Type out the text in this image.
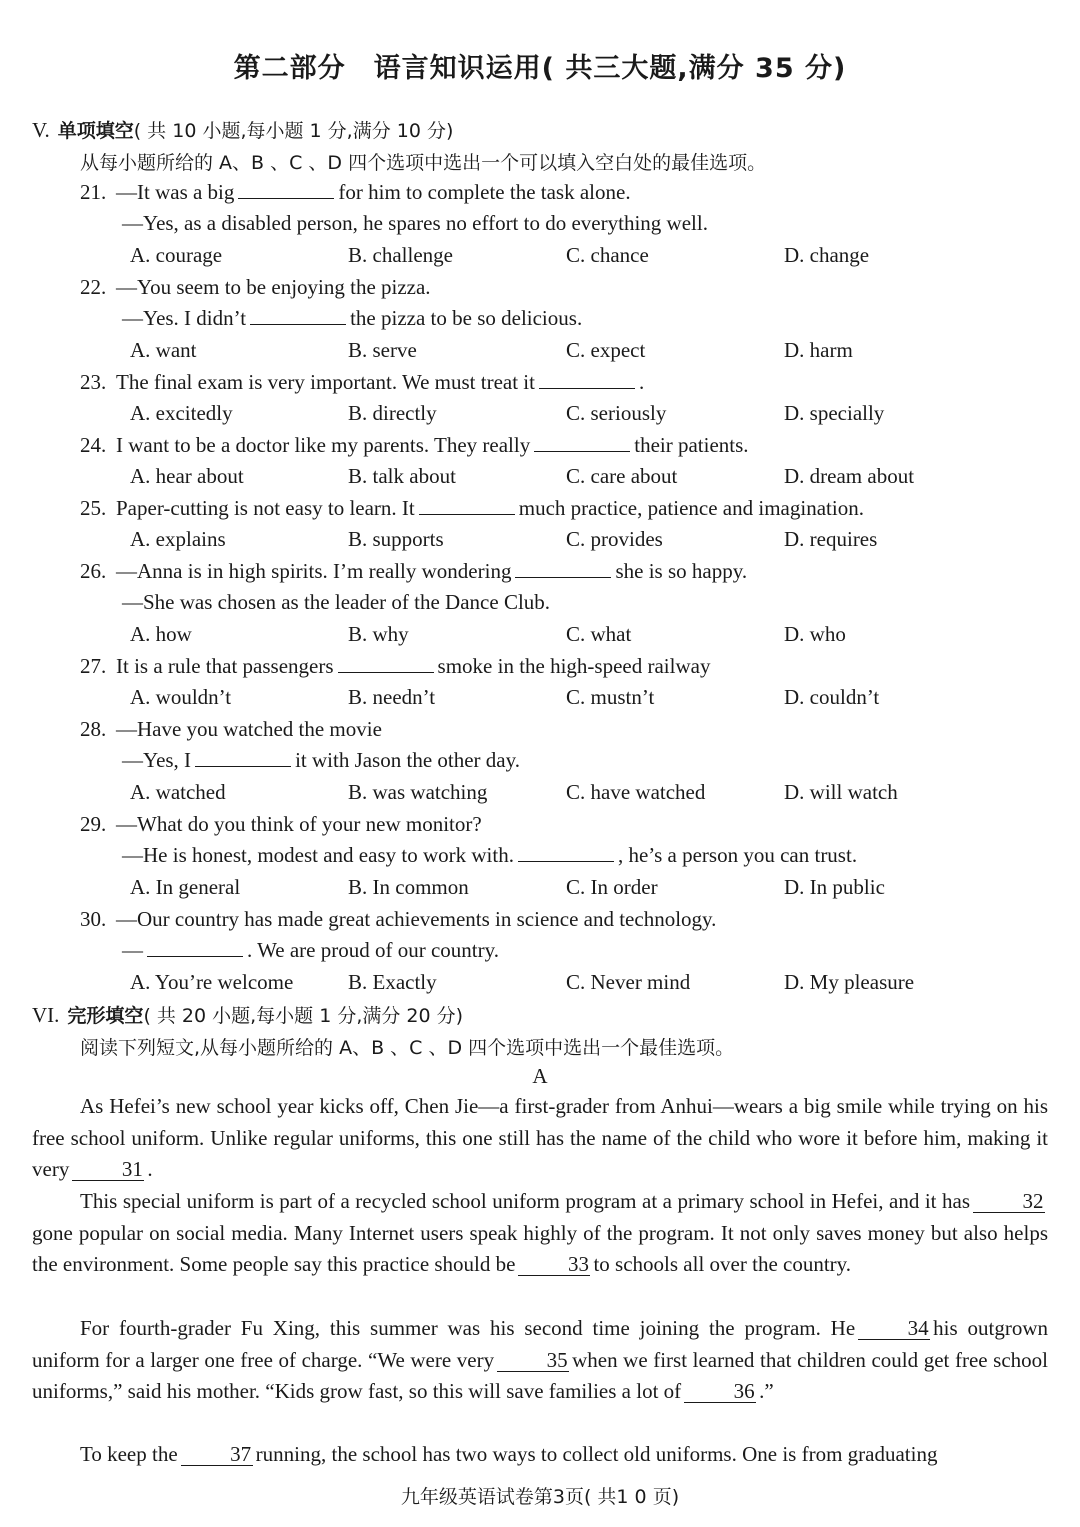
第二部分　语言知识运用( 共三大题,满分 35 分)
V. 单项填空( 共 10 小题,每小题 1 分,满分 10 分)
从每小题所给的 A、B 、C 、D 四个选项中选出一个可以填入空白处的最佳选项。
21. —It was a big	for him to complete the task alone.
—Yes, as a disabled person, he spares no effort to do everything well.
A. courage	B. challenge	C. chance	D. change
22. —You seem to be enjoying the pizza.
—Yes. I didn’t	the pizza to be so delicious.
A. want	B. serve	C. expect	D. harm
23. The final exam is very important. We must treat it	.
A. excitedly	B. directly	C. seriously	D. specially
24. I want to be a doctor like my parents. They really	their patients.
A. hear about	B. talk about	C. care about	D. dream about
25. Paper-cutting is not easy to learn. It	much practice, patience and imagination.
A. explains	B. supports	C. provides	D. requires
26. —Anna is in high spirits. I’m really wondering	she is so happy.
—She was chosen as the leader of the Dance Club.
A. how	B. why	C. what	D. who
27. It is a rule that passengers	smoke in the high-speed railway
A. wouldn’t	B. needn’t	C. mustn’t	D. couldn’t
28. —Have you watched the movie
—Yes, I	it with Jason the other day.
A. watched	B. was watching	C. have watched	D. will watch
29. —What do you think of your new monitor?
—He is honest, modest and easy to work with.	, he’s a person you can trust.
A. In general	B. In common	C. In order	D. In public
30. —Our country has made great achievements in science and technology.
—	. We are proud of our country.
A. You’re welcome	B. Exactly	C. Never mind	D. My pleasure
VI. 完形填空( 共 20 小题,每小题 1 分,满分 20 分)
阅读下列短文,从每小题所给的 A、B 、C 、D 四个选项中选出一个最佳选项。
A
As Hefei’s new school year kicks off, Chen Jie—a first-grader from Anhui—wears a big smile while trying on his free school uniform. Unlike regular uniforms, this one still has the name of the child who wore it before him, making it very	31 .
This special uniform is part of a recycled school uniform program at a primary school in Hefei, and it has	32gone popular on social media. Many Internet users speak highly of the program. It not only saves money but also helps the environment. Some people say this practice should be	33 to schools all over the country.
For fourth-grader Fu Xing, this summer was his second time joining the program. He	34 his outgrown uniform for a larger one free of charge. “We were very	35 when we first learned that children could get free school uniforms,” said his mother. “Kids grow fast, so this will save families a lot of	36 .”
To keep the	37 running, the school has two ways to collect old uniforms. One is from graduating
九年级英语试卷第3页( 共1 0 页)
